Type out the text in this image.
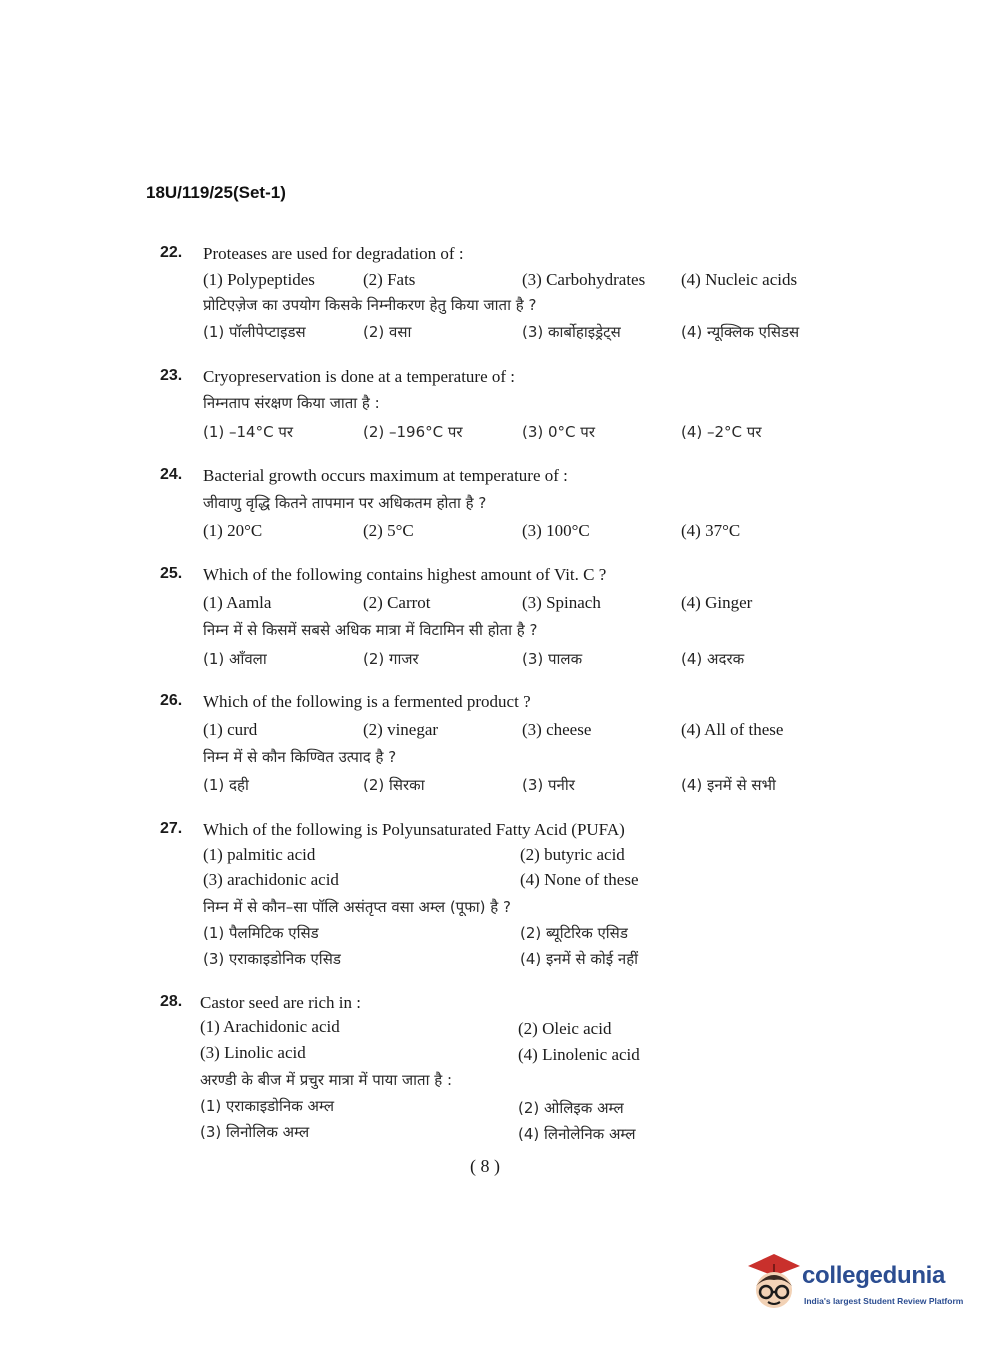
18U/119/25(Set-1)
22. Proteases are used for degradation of :
(1) Polypeptides	(2) Fats	(3) Carbohydrates (4) Nucleic acids
प्रोटिएज़ेज का उपयोग किसके निम्नीकरण हेतु किया जाता है ?
(1) पॉलीपेप्टाइडस	(2) वसा	(3) कार्बोहाइड्रेट्स	(4) न्यूक्लिक एसिडस
23. Cryopreservation is done at a temperature of :
निम्नताप संरक्षण किया जाता है :
(1) –14°C पर	(2) –196°C पर	(3) 0°C पर	(4) –2°C पर
24. Bacterial growth occurs maximum at temperature of :
जीवाणु वृद्धि कितने तापमान पर अधिकतम होता है ?
(1) 20°C	(2) 5°C	(3) 100°C	(4) 37°C
25. Which of the following contains highest amount of Vit. C ?
(1) Aamla	(2) Carrot	(3) Spinach	(4) Ginger
निम्न में से किसमें सबसे अधिक मात्रा में विटामिन सी होता है ?
(1) आँवला	(2) गाजर	(3) पालक	(4) अदरक
26. Which of the following is a fermented product ?
(1) curd	(2) vinegar	(3) cheese	(4) All of these
निम्न में से कौन किण्वित उत्पाद है ?
(1) दही	(2) सिरका	(3) पनीर	(4) इनमें से सभी
27. Which of the following is Polyunsaturated Fatty Acid (PUFA)
(1) palmitic acid	(2) butyric acid
(3) arachidonic acid	(4) None of these
निम्न में से कौन–सा पॉलि असंतृप्त वसा अम्ल (पूफा) है ?
(1) पैलमिटिक एसिड	(2) ब्यूटिरिक एसिड
(3) एराकाइडोनिक एसिड	(4) इनमें से कोई नहीं
28. Castor seed are rich in :
(1) Arachidonic acid	(2) Oleic acid
(3) Linolic acid	(4) Linolenic acid
अरण्डी के बीज में प्रचुर मात्रा में पाया जाता है :
(1) एराकाइडोनिक अम्ल	(2) ओलिइक अम्ल
(3) लिनोलिक अम्ल	(4) लिनोलेनिक अम्ल
( 8 )
collegedunia
India's largest Student Review Platform
